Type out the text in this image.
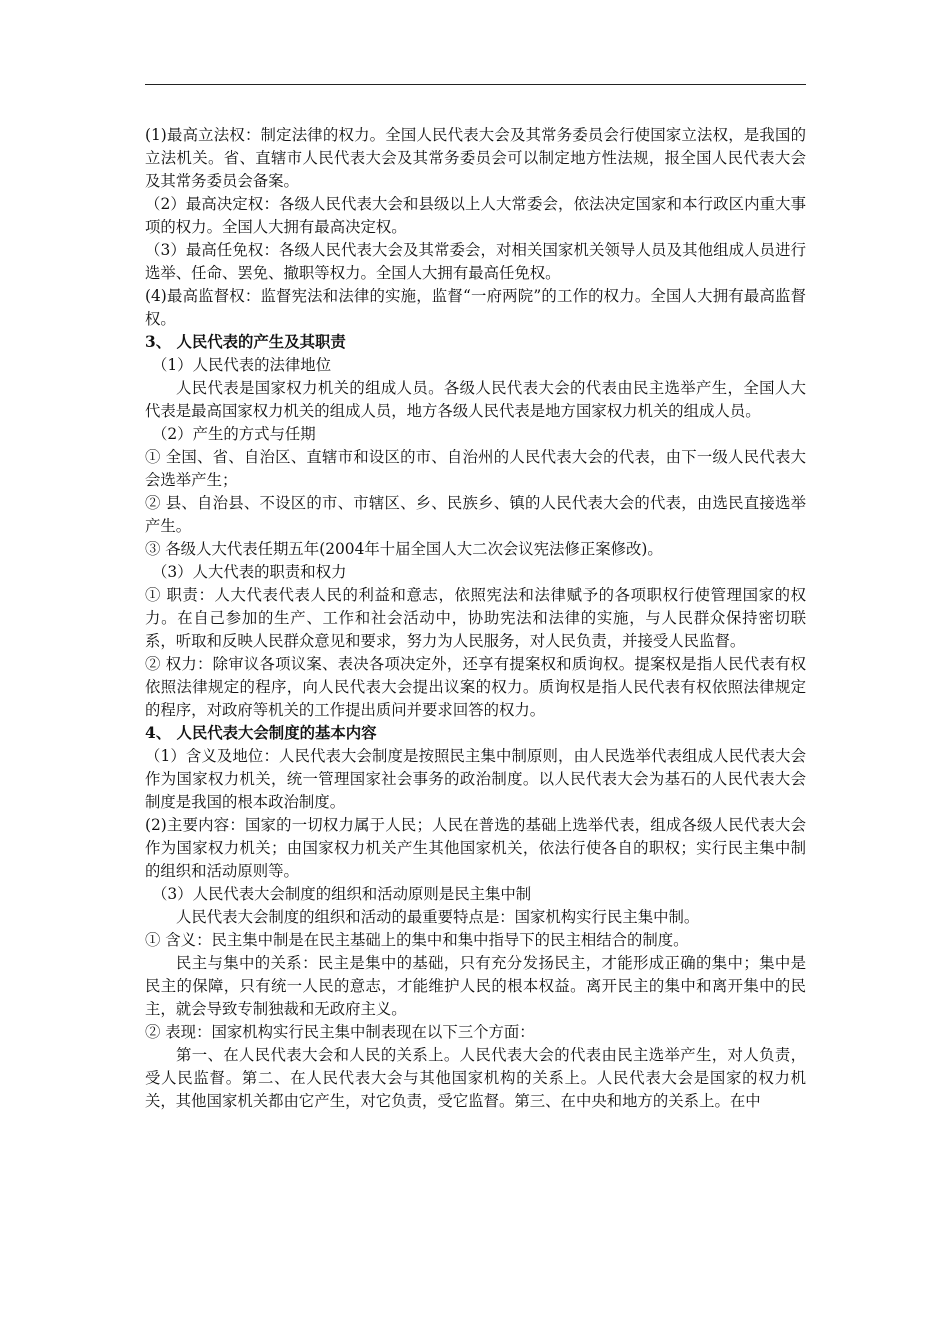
(1)最高立法权：制定法律的权力。全国人民代表大会及其常务委员会行使国家立法权，是我国的立法机关。省、直辖市人民代表大会及其常务委员会可以制定地方性法规，报全国人民代表大会及其常务委员会备案。

（2）最高决定权：各级人民代表大会和县级以上人大常委会，依法决定国家和本行政区内重大事项的权力。全国人大拥有最高决定权。

（3）最高任免权：各级人民代表大会及其常委会，对相关国家机关领导人员及其他组成人员进行选举、任命、罢免、撤职等权力。全国人大拥有最高任免权。

(4)最高监督权：监督宪法和法律的实施，监督“一府两院”的工作的权力。全国人大拥有最高监督权。

3、 人民代表的产生及其职责

（1）人民代表的法律地位

人民代表是国家权力机关的组成人员。各级人民代表大会的代表由民主选举产生，全国人大代表是最高国家权力机关的组成人员，地方各级人民代表是地方国家权力机关的组成人员。

（2）产生的方式与任期

① 全国、省、自治区、直辖市和设区的市、自治州的人民代表大会的代表，由下一级人民代表大会选举产生；

② 县、自治县、不设区的市、市辖区、乡、民族乡、镇的人民代表大会的代表，由选民直接选举产生。

③ 各级人大代表任期五年(2004年十届全国人大二次会议宪法修正案修改)。

（3）人大代表的职责和权力

① 职责：人大代表代表人民的利益和意志，依照宪法和法律赋予的各项职权行使管理国家的权力。在自己参加的生产、工作和社会活动中，协助宪法和法律的实施，与人民群众保持密切联系，听取和反映人民群众意见和要求，努力为人民服务，对人民负责，并接受人民监督。

② 权力：除审议各项议案、表决各项决定外，还享有提案权和质询权。提案权是指人民代表有权依照法律规定的程序，向人民代表大会提出议案的权力。质询权是指人民代表有权依照法律规定的程序，对政府等机关的工作提出质问并要求回答的权力。

4、 人民代表大会制度的基本内容

（1）含义及地位：人民代表大会制度是按照民主集中制原则，由人民选举代表组成人民代表大会作为国家权力机关，统一管理国家社会事务的政治制度。以人民代表大会为基石的人民代表大会制度是我国的根本政治制度。

(2)主要内容：国家的一切权力属于人民；人民在普选的基础上选举代表，组成各级人民代表大会作为国家权力机关；由国家权力机关产生其他国家机关，依法行使各自的职权；实行民主集中制的组织和活动原则等。

（3）人民代表大会制度的组织和活动原则是民主集中制

人民代表大会制度的组织和活动的最重要特点是：国家机构实行民主集中制。

① 含义：民主集中制是在民主基础上的集中和集中指导下的民主相结合的制度。

民主与集中的关系：民主是集中的基础，只有充分发扬民主，才能形成正确的集中；集中是民主的保障，只有统一人民的意志，才能维护人民的根本权益。离开民主的集中和离开集中的民主，就会导致专制独裁和无政府主义。

② 表现：国家机构实行民主集中制表现在以下三个方面：

第一、在人民代表大会和人民的关系上。人民代表大会的代表由民主选举产生，对人负责，受人民监督。第二、在人民代表大会与其他国家机构的关系上。人民代表大会是国家的权力机关，其他国家机关都由它产生，对它负责，受它监督。第三、在中央和地方的关系上。在中
